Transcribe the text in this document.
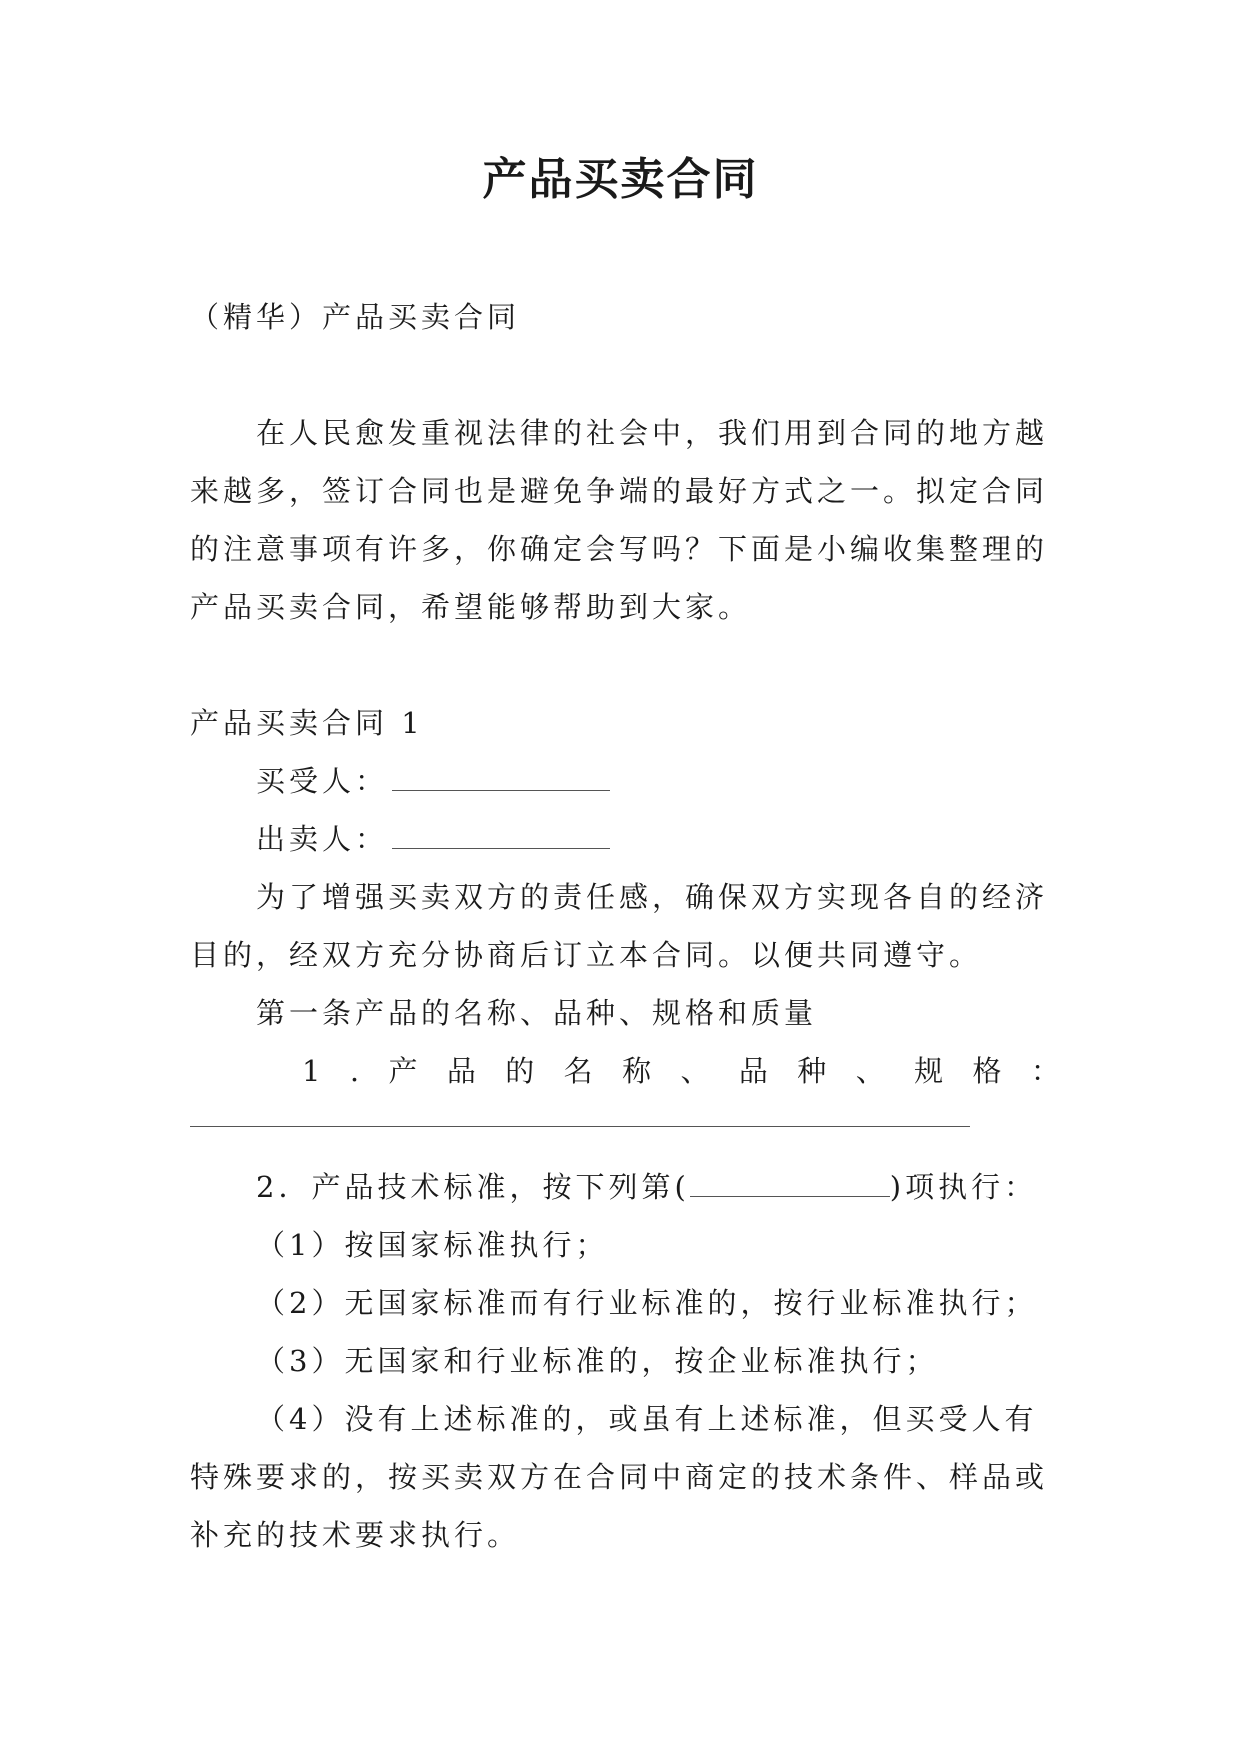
产品买卖合同
（精华）产品买卖合同
在人民愈发重视法律的社会中，我们用到合同的地方越
来越多，签订合同也是避免争端的最好方式之一。拟定合同
的注意事项有许多，你确定会写吗？下面是小编收集整理的
产品买卖合同，希望能够帮助到大家。
产品买卖合同 1
买受人：
出卖人：
为了增强买卖双方的责任感，确保双方实现各自的经济
目的，经双方充分协商后订立本合同。以便共同遵守。
第一条产品的名称、品种、规格和质量
1 . 产 品 的 名 称 、 品 种 、 规 格 ：
2．产品技术标准，按下列第(	)项执行：
（1）按国家标准执行；
（2）无国家标准而有行业标准的，按行业标准执行；
（3）无国家和行业标准的，按企业标准执行；
（4）没有上述标准的，或虽有上述标准，但买受人有
特殊要求的，按买卖双方在合同中商定的技术条件、样品或
补充的技术要求执行。
